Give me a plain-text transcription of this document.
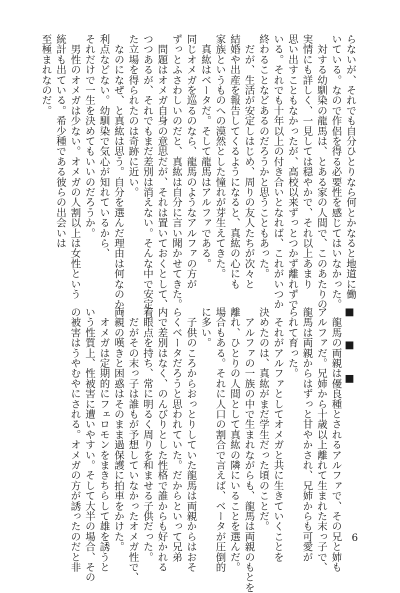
らないが、それでも自分ひとりなら何とかなると地道に働

いている。なので作侶を得る必要性を感じてはいなかった。

　対する幼馴染の龍馬は、とある家の人間で、このあたりの

実情にも詳しく、一見しては穏やかで、それ以上あまり

思い出すこともなかったが、高校以来ずっとつかず離れずで

いる。それでも十年以上の付き合いとなれば、これがいつか

終わることなどあるのだろうかと思うこともあった。

　だが、生活が安定しはじめ、周りの友人たちが次々と

結婚や出産を報告してくるようになると、真紘の心にも

家族というものへの漠然とした憧れが芽生えてきた。

　真紘はベータだ。そして龍馬はアルファである。

同じオメガを巡るのなら、龍馬のようなアルファの方が

ずっとふさわしいのだと、真紘は自分に言い聞かせてきた。

　問題はオメガ自身の意思だが、それは置いておくとして、

つつあるが、それでもまだ差別は消えない。そんな中で安定し

た立場を得られたのは奇跡に近い。

　なのになぜ、と真紘は思う。自分を選んだ理由は何なのか。

利点などない。幼馴染で気心が知れているから、

それだけで一生を決めてもいいのだろうか。

　男性のオメガは少ない。オメガの人割以上は女性という

統計も出ている。希少種である彼らの出会いは

至極まれなのだ。

■　■　■

　龍馬の両親は優良種とされるアルファで、その兄と姉も

アルファだ。兄姉から十歳以上離れて生まれた末っ子で、

龍馬は両親からはずっと甘やかされ、兄姉からも可愛が

られて育った。

　それがアルファとしてオメガと共に生きていくことを

決めたのは、真紘がまだ学生だった頃のことだ。

　アルファの一族の中で生まれながらも、龍馬は両親のもとを

離れ、ひとりの人間として真紘の隣にいることを選んだ。

場合もある。それに人口の割合で言えば、ベータが圧倒的

に多い。

　子供のころからおっとりしていた龍馬は両親からはおそ

らくベータだろうと思われていた。だからといって兄弟

内で差別はなく、のんびりとした性格で誰からも好かれる

着眼点を持ち、常に明るく周りを和ませる子供だった。

　だがその末っ子は誰もが予想していなかったオメガ性で、

両親の嘆きと困惑はそのまま過保護に拍車をかけた。

　オメガは定期的にフェロモンをまきちらして雄を誘うと

いう性質上、性被害に遭いやすい。そして大半の場合、その

の被害はうやむやにされる。オメガの方が誘ったのだと非	6
